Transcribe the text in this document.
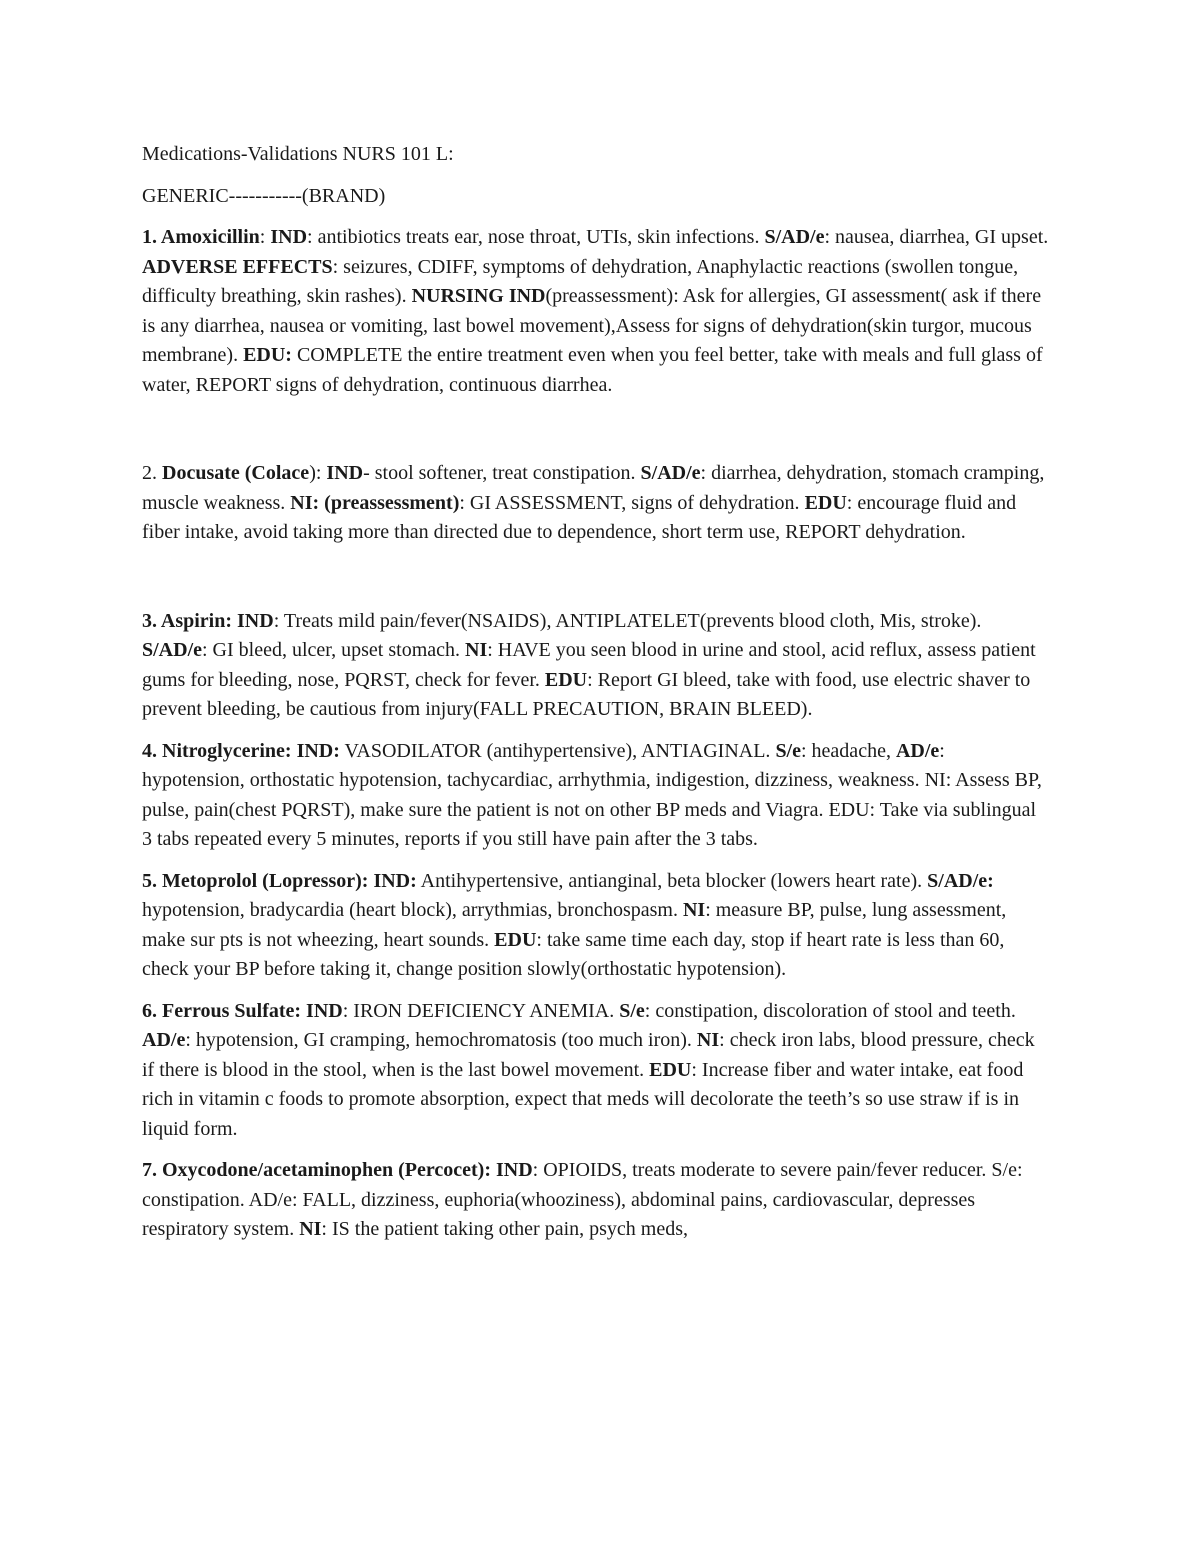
Medications-Validations NURS 101 L:

GENERIC-----------(BRAND)

1. Amoxicillin: IND: antibiotics treats ear, nose throat, UTIs, skin infections. S/AD/e: nausea, diarrhea, GI upset. ADVERSE EFFECTS: seizures, CDIFF, symptoms of dehydration, Anaphylactic reactions (swollen tongue, difficulty breathing, skin rashes). NURSING IND(preassessment): Ask for allergies, GI assessment( ask if there is any diarrhea, nausea or vomiting, last bowel movement),Assess for signs of dehydration(skin turgor, mucous membrane). EDU: COMPLETE the entire treatment even when you feel better, take with meals and full glass of water, REPORT signs of dehydration, continuous diarrhea.

2. Docusate (Colace): IND- stool softener, treat constipation. S/AD/e: diarrhea, dehydration, stomach cramping, muscle weakness. NI: (preassessment): GI ASSESSMENT, signs of dehydration. EDU: encourage fluid and fiber intake, avoid taking more than directed due to dependence, short term use, REPORT dehydration.

3. Aspirin: IND: Treats mild pain/fever(NSAIDS), ANTIPLATELET(prevents blood cloth, Mis, stroke). S/AD/e: GI bleed, ulcer, upset stomach. NI: HAVE you seen blood in urine and stool, acid reflux, assess patient gums for bleeding, nose, PQRST, check for fever. EDU: Report GI bleed, take with food, use electric shaver to prevent bleeding, be cautious from injury(FALL PRECAUTION, BRAIN BLEED).

4. Nitroglycerine: IND: VASODILATOR (antihypertensive), ANTIAGINAL. S/e: headache, AD/e: hypotension, orthostatic hypotension, tachycardiac, arrhythmia, indigestion, dizziness, weakness. NI: Assess BP, pulse, pain(chest PQRST), make sure the patient is not on other BP meds and Viagra. EDU: Take via sublingual 3 tabs repeated every 5 minutes, reports if you still have pain after the 3 tabs.

5. Metoprolol (Lopressor): IND: Antihypertensive, antianginal, beta blocker (lowers heart rate). S/AD/e: hypotension, bradycardia (heart block), arrythmias, bronchospasm. NI: measure BP, pulse, lung assessment, make sur pts is not wheezing, heart sounds. EDU: take same time each day, stop if heart rate is less than 60, check your BP before taking it, change position slowly(orthostatic hypotension).

6. Ferrous Sulfate: IND: IRON DEFICIENCY ANEMIA. S/e: constipation, discoloration of stool and teeth. AD/e: hypotension, GI cramping, hemochromatosis (too much iron). NI: check iron labs, blood pressure, check if there is blood in the stool, when is the last bowel movement. EDU: Increase fiber and water intake, eat food rich in vitamin c foods to promote absorption, expect that meds will decolorate the teeth’s so use straw if is in liquid form.

7. Oxycodone/acetaminophen (Percocet): IND: OPIOIDS, treats moderate to severe pain/fever reducer. S/e: constipation. AD/e: FALL, dizziness, euphoria(whooziness), abdominal pains, cardiovascular, depresses respiratory system. NI: IS the patient taking other pain, psych meds,
